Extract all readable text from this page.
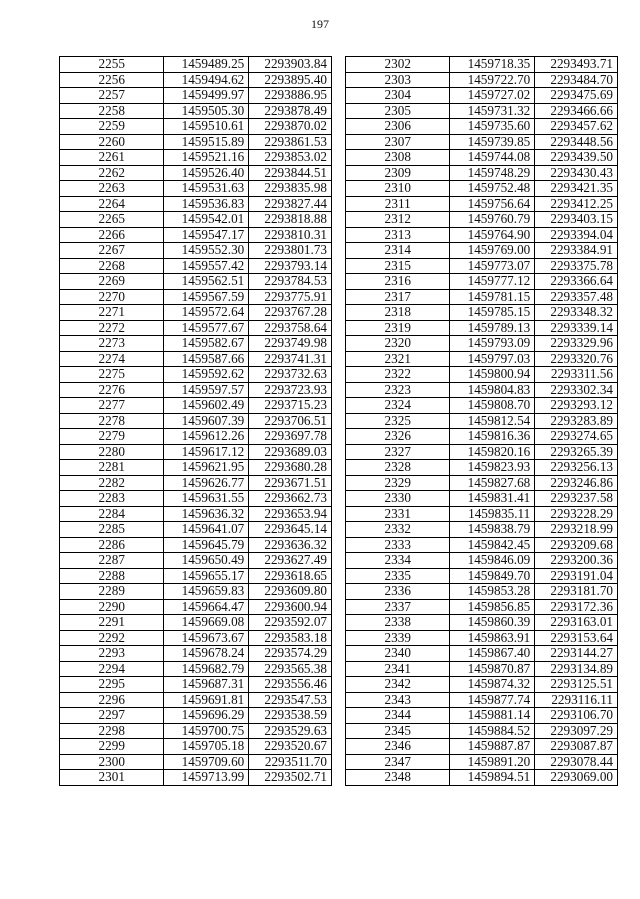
197
2255	1459489.25	2293903.84
2256	1459494.62	2293895.40
2257	1459499.97	2293886.95
2258	1459505.30	2293878.49
2259	1459510.61	2293870.02
2260	1459515.89	2293861.53
2261	1459521.16	2293853.02
2262	1459526.40	2293844.51
2263	1459531.63	2293835.98
2264	1459536.83	2293827.44
2265	1459542.01	2293818.88
2266	1459547.17	2293810.31
2267	1459552.30	2293801.73
2268	1459557.42	2293793.14
2269	1459562.51	2293784.53
2270	1459567.59	2293775.91
2271	1459572.64	2293767.28
2272	1459577.67	2293758.64
2273	1459582.67	2293749.98
2274	1459587.66	2293741.31
2275	1459592.62	2293732.63
2276	1459597.57	2293723.93
2277	1459602.49	2293715.23
2278	1459607.39	2293706.51
2279	1459612.26	2293697.78
2280	1459617.12	2293689.03
2281	1459621.95	2293680.28
2282	1459626.77	2293671.51
2283	1459631.55	2293662.73
2284	1459636.32	2293653.94
2285	1459641.07	2293645.14
2286	1459645.79	2293636.32
2287	1459650.49	2293627.49
2288	1459655.17	2293618.65
2289	1459659.83	2293609.80
2290	1459664.47	2293600.94
2291	1459669.08	2293592.07
2292	1459673.67	2293583.18
2293	1459678.24	2293574.29
2294	1459682.79	2293565.38
2295	1459687.31	2293556.46
2296	1459691.81	2293547.53
2297	1459696.29	2293538.59
2298	1459700.75	2293529.63
2299	1459705.18	2293520.67
2300	1459709.60	2293511.70
2301	1459713.99	2293502.71
2302	1459718.35	2293493.71
2303	1459722.70	2293484.70
2304	1459727.02	2293475.69
2305	1459731.32	2293466.66
2306	1459735.60	2293457.62
2307	1459739.85	2293448.56
2308	1459744.08	2293439.50
2309	1459748.29	2293430.43
2310	1459752.48	2293421.35
2311	1459756.64	2293412.25
2312	1459760.79	2293403.15
2313	1459764.90	2293394.04
2314	1459769.00	2293384.91
2315	1459773.07	2293375.78
2316	1459777.12	2293366.64
2317	1459781.15	2293357.48
2318	1459785.15	2293348.32
2319	1459789.13	2293339.14
2320	1459793.09	2293329.96
2321	1459797.03	2293320.76
2322	1459800.94	2293311.56
2323	1459804.83	2293302.34
2324	1459808.70	2293293.12
2325	1459812.54	2293283.89
2326	1459816.36	2293274.65
2327	1459820.16	2293265.39
2328	1459823.93	2293256.13
2329	1459827.68	2293246.86
2330	1459831.41	2293237.58
2331	1459835.11	2293228.29
2332	1459838.79	2293218.99
2333	1459842.45	2293209.68
2334	1459846.09	2293200.36
2335	1459849.70	2293191.04
2336	1459853.28	2293181.70
2337	1459856.85	2293172.36
2338	1459860.39	2293163.01
2339	1459863.91	2293153.64
2340	1459867.40	2293144.27
2341	1459870.87	2293134.89
2342	1459874.32	2293125.51
2343	1459877.74	2293116.11
2344	1459881.14	2293106.70
2345	1459884.52	2293097.29
2346	1459887.87	2293087.87
2347	1459891.20	2293078.44
2348	1459894.51	2293069.00
